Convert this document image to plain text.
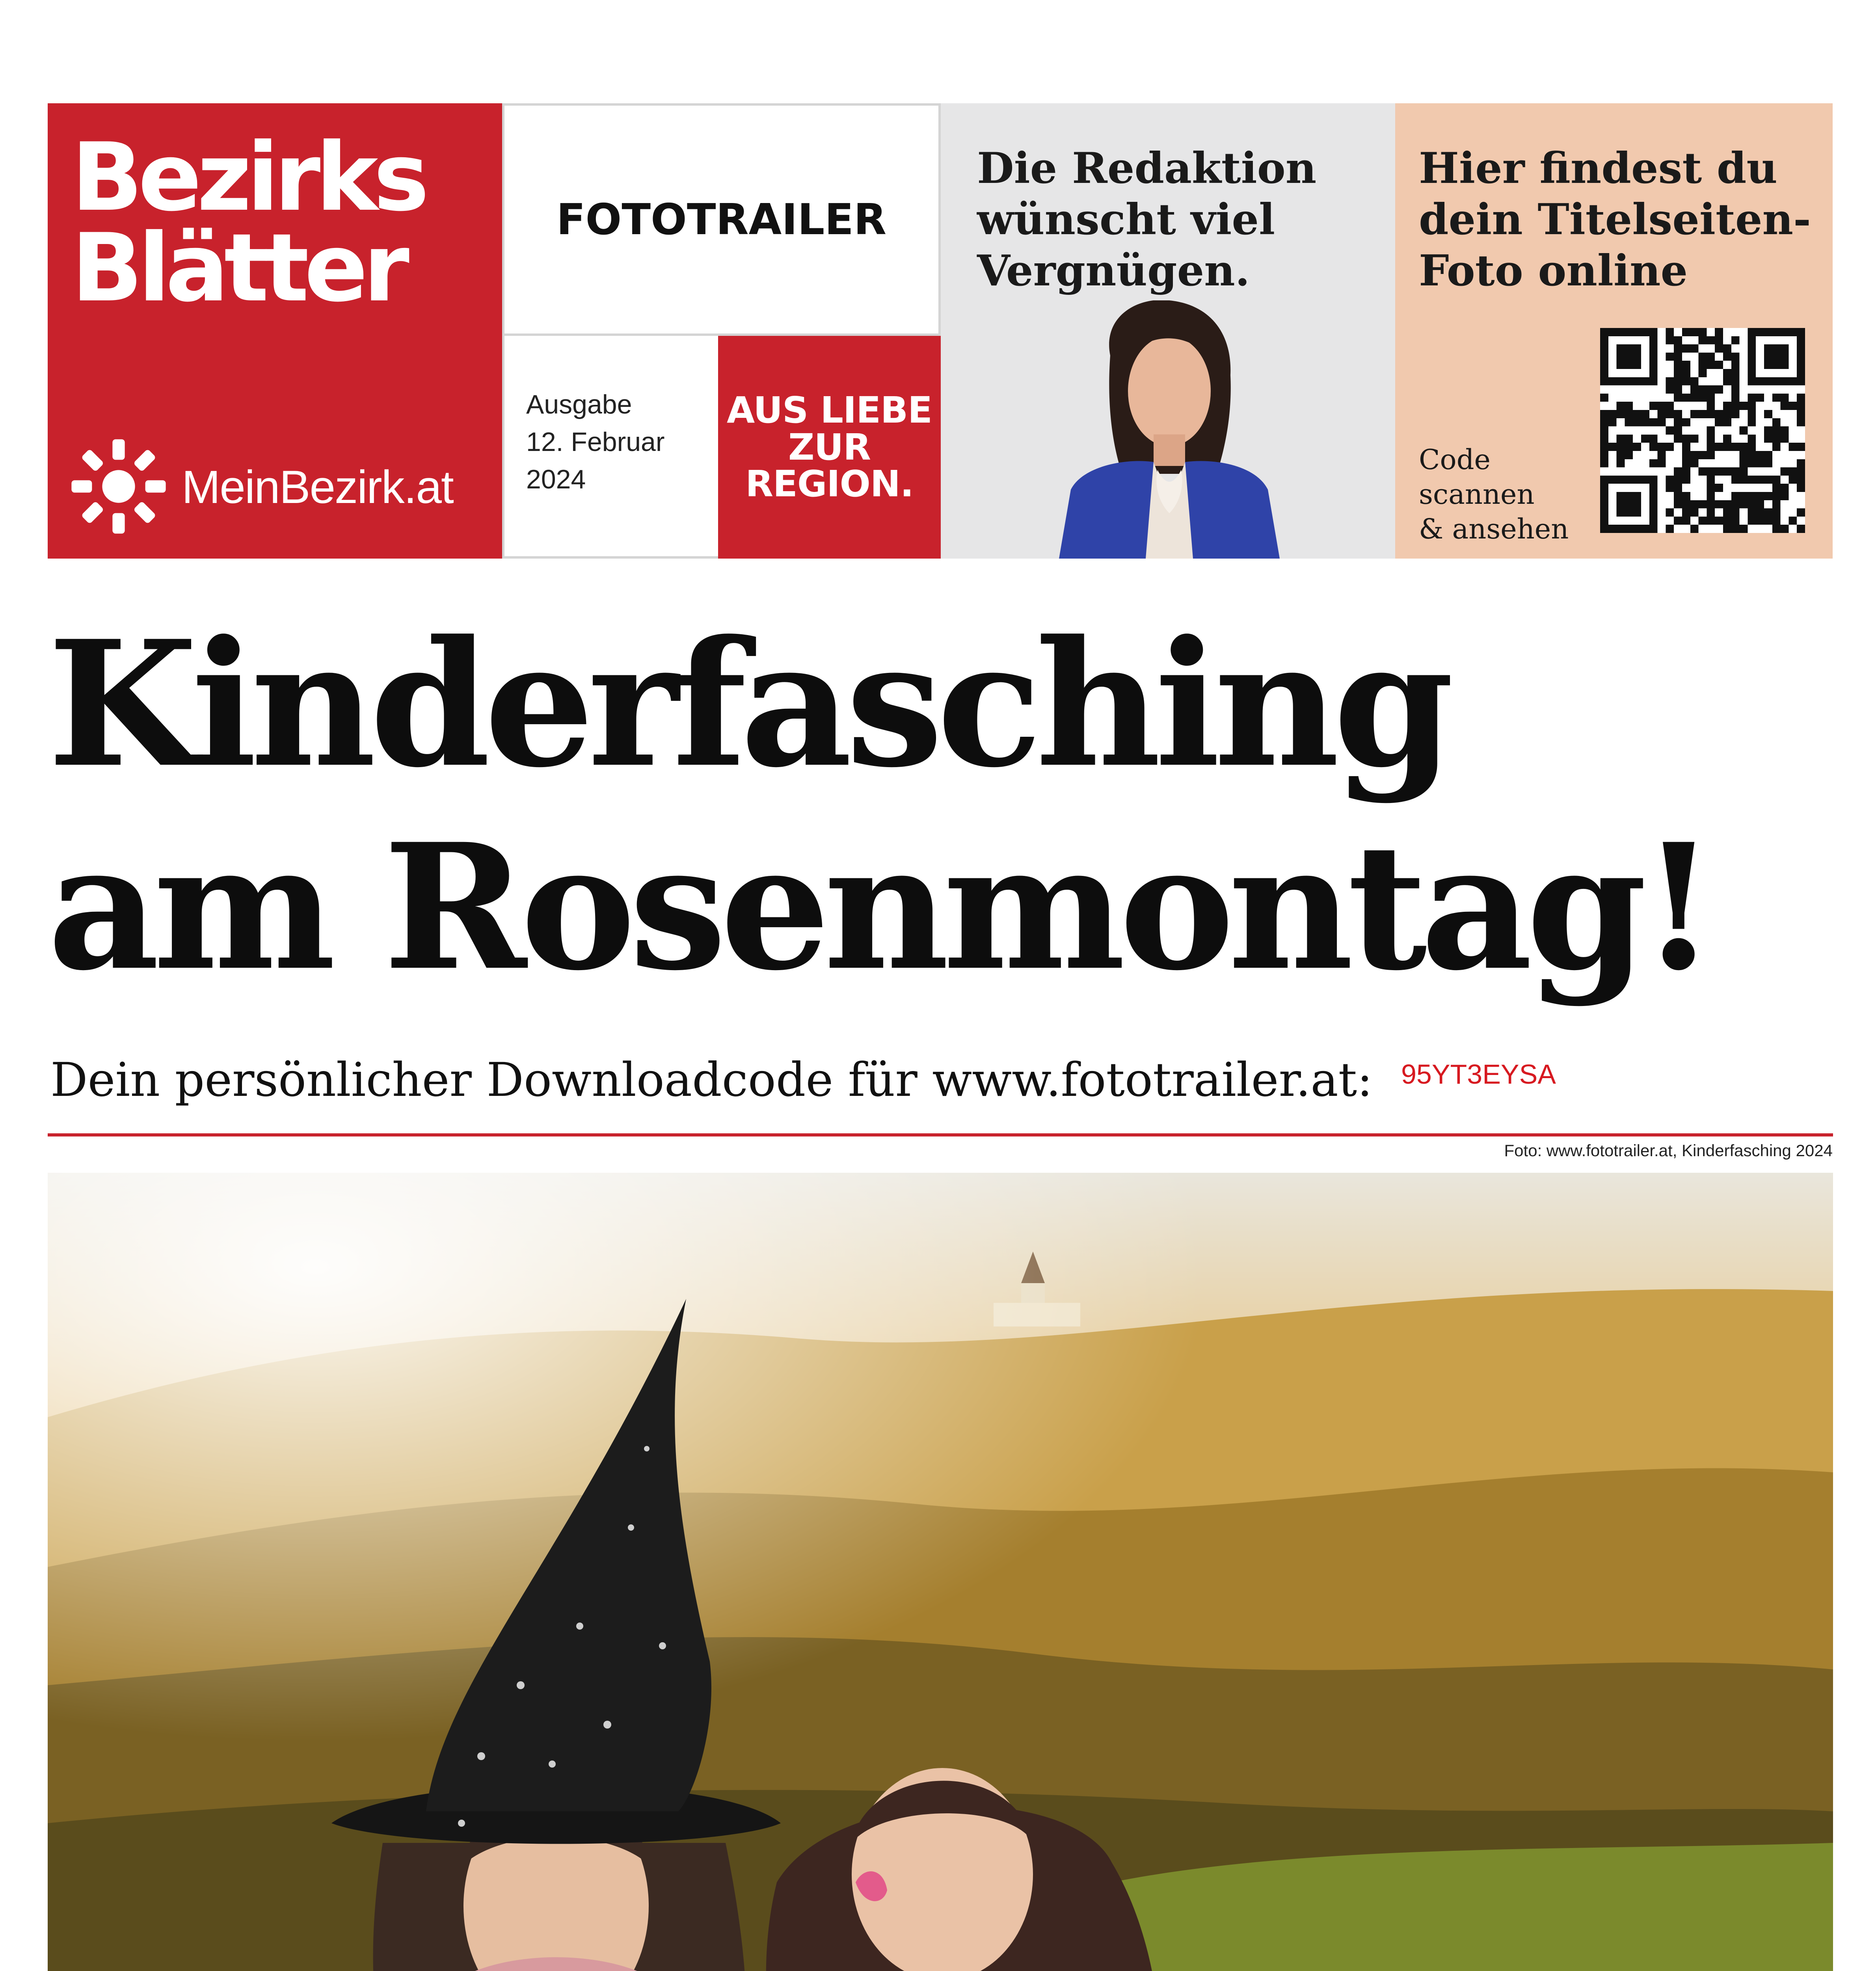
Bezirks
Blätter
MeinBezirk.at
FOTOTRAILER
Ausgabe
12. Februar
2024
AUS LIEBE
ZUR
REGION.
Die Redaktion
wünscht viel
Vergnügen.
Hier findest du
dein Titelseiten-
Foto online
Code
scannen
& ansehen
Kinderfasching
am Rosenmontag!
Dein persönlicher Downloadcode für www.fototrailer.at: 95YT3EYSA
Foto: www.fototrailer.at, Kinderfasching 2024
